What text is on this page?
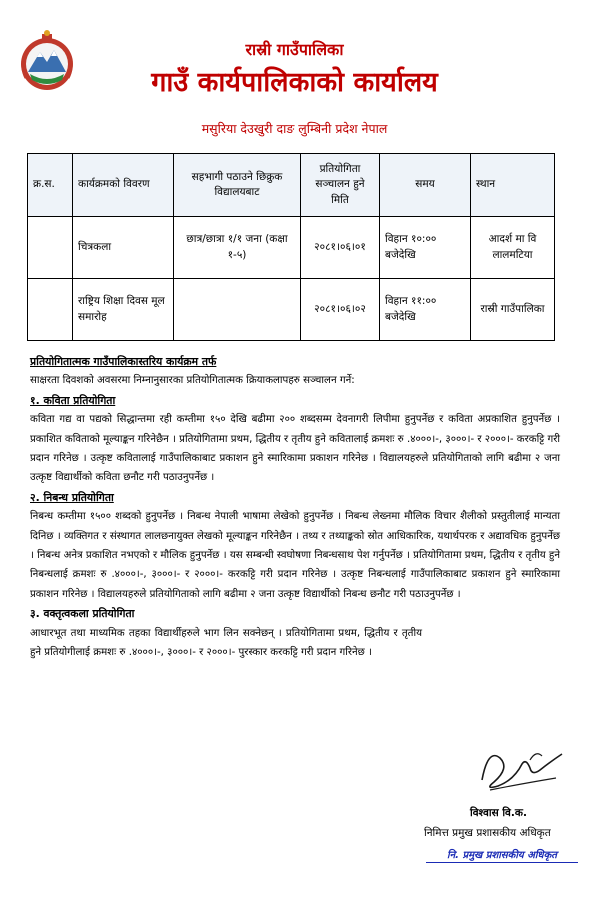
रास्री गाउँपालिका
गाउँ कार्यपालिकाको कार्यालय
मसुरिया देउखुरी दाङ लुम्बिनी प्रदेश नेपाल
क्र.स.	कार्यक्रमको विवरण	सहभागी पठाउने छिक्रुक विद्यालयबाट	प्रतियोगिता सञ्चालन हुने मिति	समय	स्थान
	चित्रकला	छात्र/छात्रा १/१ जना (कक्षा १-५)	२०८१।०६।०१	विहान १०:०० बजेदेखि	आदर्श मा वि लालमटिया
	राष्ट्रिय शिक्षा दिवस मूल समारोह		२०८१।०६।०२	विहान ११:०० बजेदेखि	रास्री गाउँपालिका
प्रतियोगितात्मक गाउँपालिकास्तरिय कार्यक्रम तर्फ

साक्षरता दिवशको अवसरमा निम्नानुसारका प्रतियोगितात्मक क्रियाकलापहरु सञ्चालन गर्ने:

१. कविता प्रतियोगिता

कविता गद्य वा पद्यको सिद्धान्तमा रही कम्तीमा १५० देखि बढीमा २०० शब्दसम्म देवनागरी लिपीमा हुनुपर्नेछ र कविता अप्रकाशित हुनुपर्नेछ । प्रकाशित कविताको मूल्याङ्कन गरिनेछैन । प्रतियोगितामा प्रथम, द्धितीय र तृतीय हुने कवितालाई क्रमशः रु .४०००।-, ३०००।- र २०००।- करकट्टि गरी प्रदान गरिनेछ । उत्कृष्ट कवितालाई गाउँपालिकाबाट प्रकाशन हुने स्मारिकामा प्रकाशन गरिनेछ । विद्यालयहरुले प्रतियोगिताको लागि बढीमा २ जना उत्कृष्ट विद्यार्थीको कविता छनौट गरी पठाउनुपर्नेछ ।

२. निबन्ध प्रतियोगिता

निबन्ध कम्तीमा १५०० शब्दको हुनुपर्नेछ । निबन्ध नेपाली भाषामा लेखेको हुनुपर्नेछ । निबन्ध लेख्नमा मौलिक विचार शैलीको प्रस्तुतीलाई मान्यता दिनिछ । व्यक्तिगत र संस्थागत लालछनायुक्त लेखको मूल्याङ्कन गरिनेछैन । तथ्य र तथ्याङ्कको स्रोत आधिकारिक, यथार्थपरक र अद्यावधिक हुनुपर्नेछ । निबन्ध अनेत्र प्रकाशित नभएको र मौलिक हुनुपर्नेछ । यस सम्बन्धी स्वघोषणा निबन्धसाथ पेश गर्नुपर्नेछ । प्रतियोगितामा प्रथम, द्धितीय र तृतीय हुने निबन्धलाई क्रमशः रु .४०००।-, ३०००।- र २०००।- करकट्टि गरी प्रदान गरिनेछ । उत्कृष्ट निबन्धलाई गाउँपालिकाबाट प्रकाशन हुने स्मारिकामा प्रकाशन गरिनेछ । विद्यालयहरुले प्रतियोगिताको लागि बढीमा २ जना उत्कृष्ट विद्यार्थीको निबन्ध छनौट गरी पठाउनुपर्नेछ ।

३. वक्तृत्वकला प्रतियोगिता

आधारभूत तथा माध्यमिक तहका विद्यार्थीहरुले भाग लिन सक्नेछन् । प्रतियोगितामा प्रथम, द्धितीय र तृतीय हुने प्रतियोगीलाई क्रमशः रु .४०००।-, ३०००।- र २०००।- पुरस्कार करकट्टि गरी प्रदान गरिनेछ ।

विश्वास वि.क.
निमित्त प्रमुख प्रशासकीय अधिकृत
नि. प्रमुख प्रशासकीय अधिकृत
